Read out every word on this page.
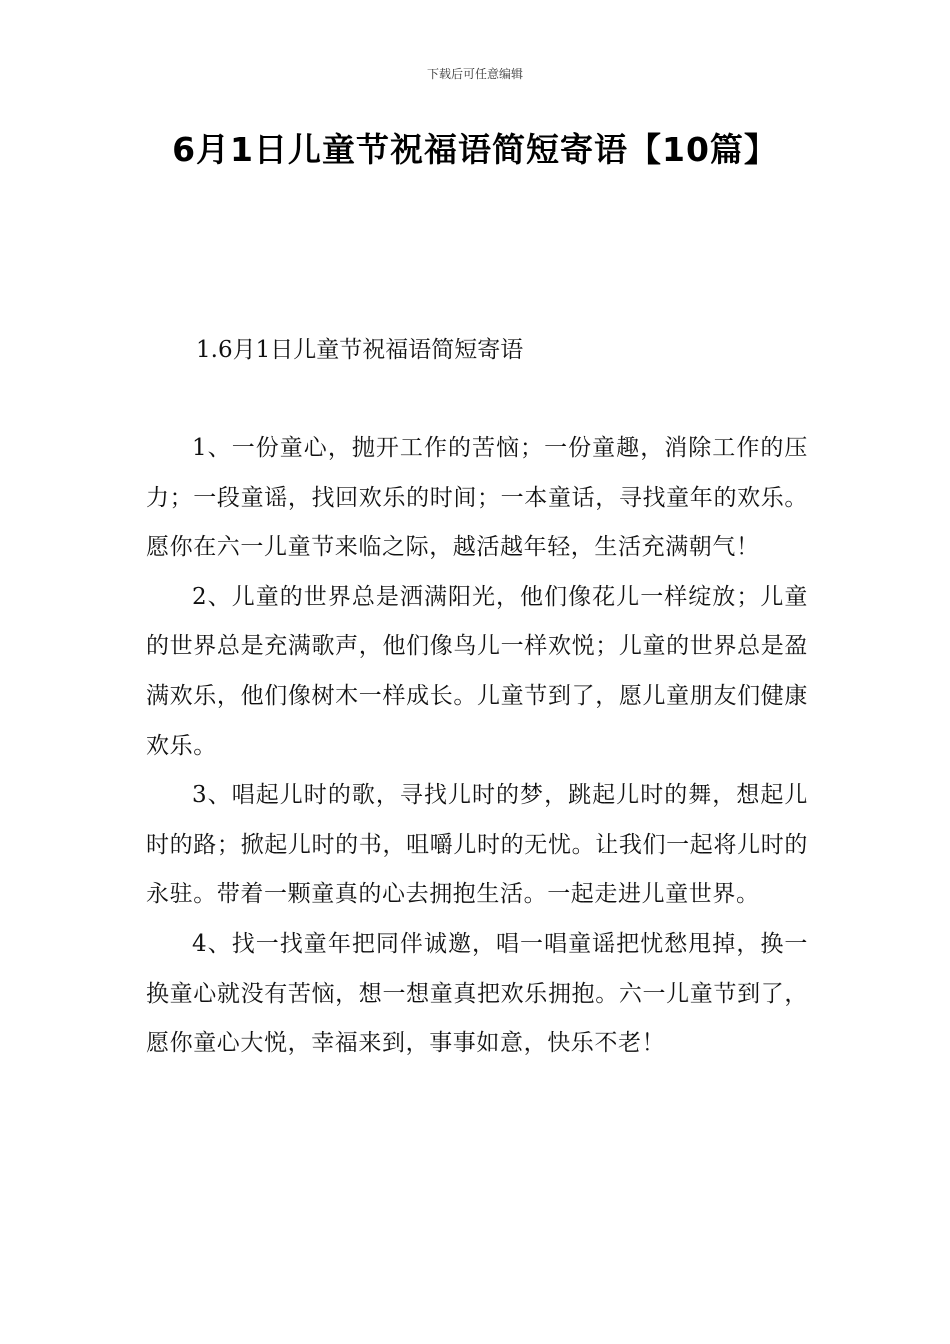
下载后可任意编辑
6月1日儿童节祝福语简短寄语【10篇】
1.6月1日儿童节祝福语简短寄语

1、一份童心，抛开工作的苦恼；一份童趣，消除工作的压力；一段童谣，找回欢乐的时间；一本童话，寻找童年的欢乐。愿你在六一儿童节来临之际，越活越年轻，生活充满朝气！

2、儿童的世界总是洒满阳光，他们像花儿一样绽放；儿童的世界总是充满歌声，他们像鸟儿一样欢悦；儿童的世界总是盈满欢乐，他们像树木一样成长。儿童节到了，愿儿童朋友们健康欢乐。

3、唱起儿时的歌，寻找儿时的梦，跳起儿时的舞，想起儿时的路；掀起儿时的书，咀嚼儿时的无忧。让我们一起将儿时的永驻。带着一颗童真的心去拥抱生活。一起走进儿童世界。

4、找一找童年把同伴诚邀，唱一唱童谣把忧愁甩掉，换一换童心就没有苦恼，想一想童真把欢乐拥抱。六一儿童节到了，愿你童心大悦，幸福来到，事事如意，快乐不老！
